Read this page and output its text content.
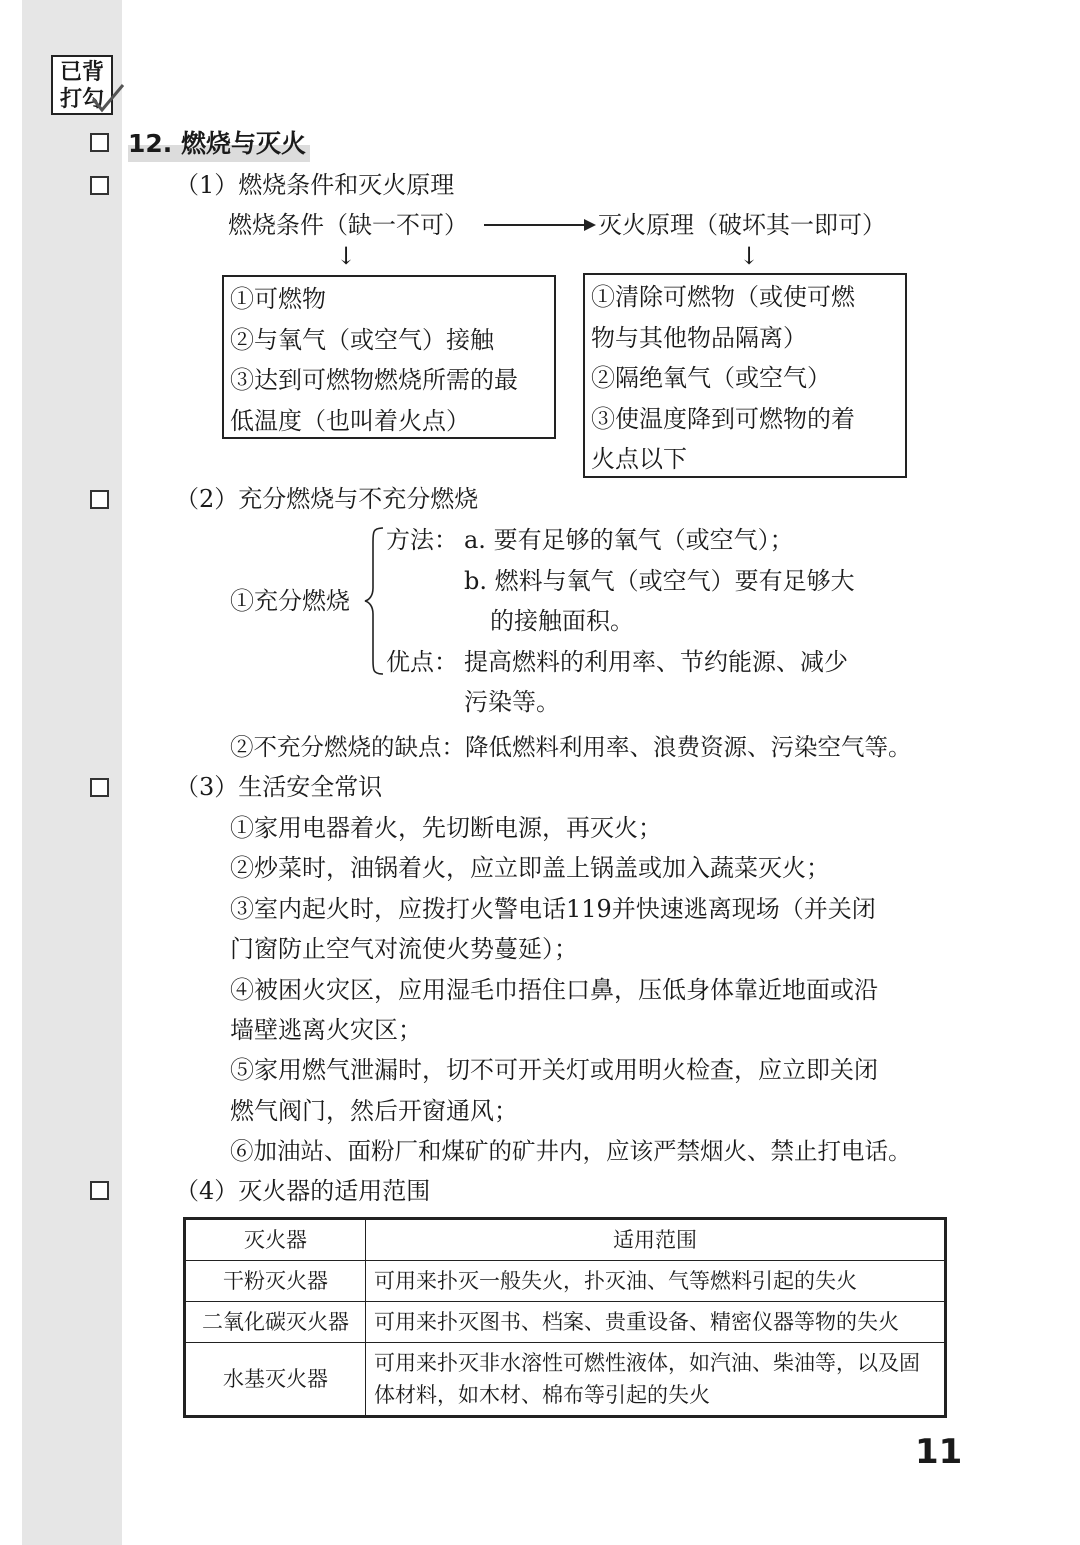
已背
打勾
12. 燃烧与灭火
（1）燃烧条件和灭火原理
燃烧条件（缺一不可）	灭火原理（破坏其一即可）
↓	↓
①可燃物
②与氧气（或空气）接触
③达到可燃物燃烧所需的最
低温度（也叫着火点）
①清除可燃物（或使可燃
物与其他物品隔离）
②隔绝氧气（或空气）
③使温度降到可燃物的着
火点以下
（2）充分燃烧与不充分燃烧
①充分燃烧
方法： a. 要有足够的氧气（或空气）；
b. 燃料与氧气（或空气）要有足够大
的接触面积。
优点： 提高燃料的利用率、节约能源、减少
污染等。
②不充分燃烧的缺点：降低燃料利用率、浪费资源、污染空气等。
（3）生活安全常识
①家用电器着火，先切断电源，再灭火；
②炒菜时，油锅着火，应立即盖上锅盖或加入蔬菜灭火；
③室内起火时，应拨打火警电话119并快速逃离现场（并关闭
门窗防止空气对流使火势蔓延）；
④被困火灾区，应用湿毛巾捂住口鼻，压低身体靠近地面或沿
墙壁逃离火灾区；
⑤家用燃气泄漏时，切不可开关灯或用明火检查，应立即关闭
燃气阀门，然后开窗通风；
⑥加油站、面粉厂和煤矿的矿井内，应该严禁烟火、禁止打电话。
（4）灭火器的适用范围
灭火器	适用范围
干粉灭火器	可用来扑灭一般失火，扑灭油、气等燃料引起的失火
二氧化碳灭火器	可用来扑灭图书、档案、贵重设备、精密仪器等物的失火
水基灭火器	可用来扑灭非水溶性可燃性液体，如汽油、柴油等，以及固体材料，如木材、棉布等引起的失火
11
